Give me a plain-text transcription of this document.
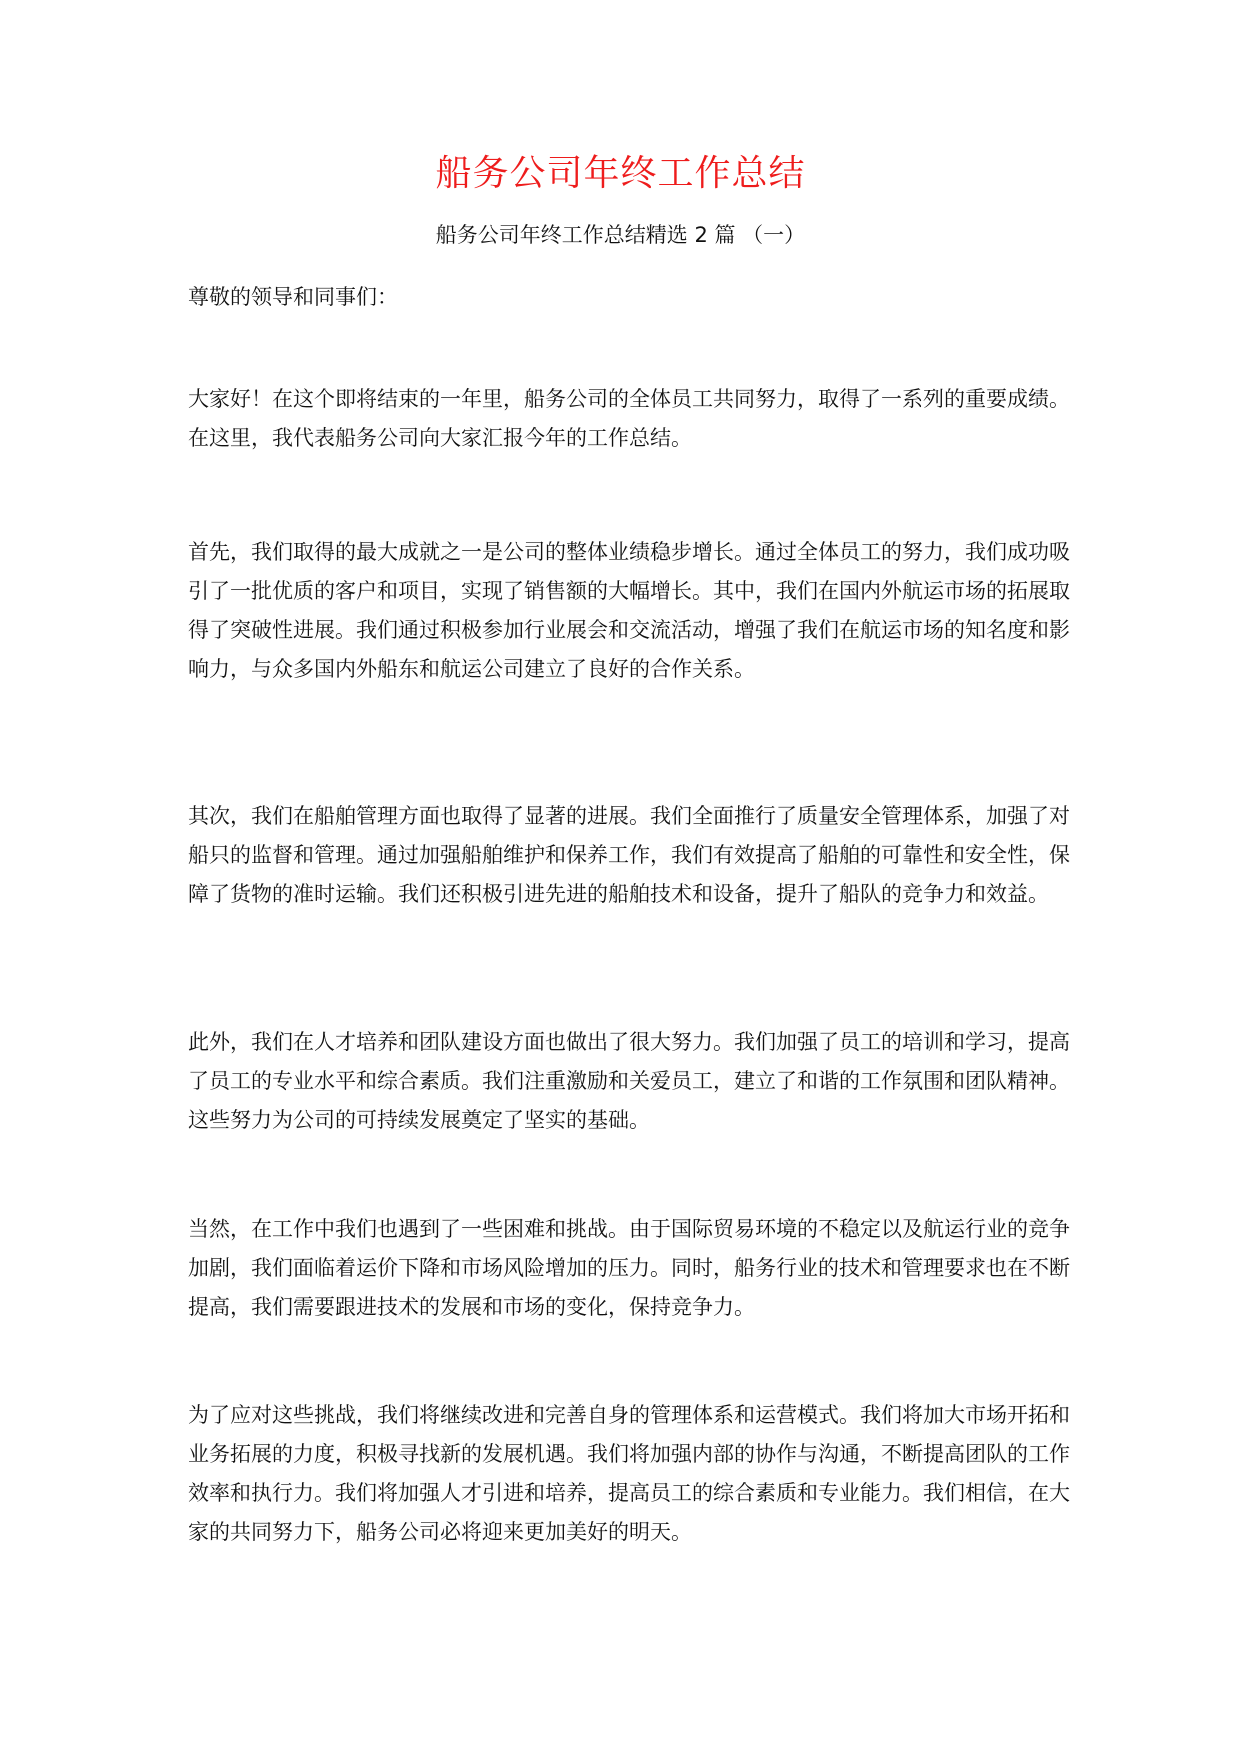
船务公司年终工作总结
船务公司年终工作总结精选 2 篇 （一）

尊敬的领导和同事们：

大家好！在这个即将结束的一年里，船务公司的全体员工共同努力，取得了一系列的重要成绩。在这里，我代表船务公司向大家汇报今年的工作总结。

首先，我们取得的最大成就之一是公司的整体业绩稳步增长。通过全体员工的努力，我们成功吸引了一批优质的客户和项目，实现了销售额的大幅增长。其中，我们在国内外航运市场的拓展取得了突破性进展。我们通过积极参加行业展会和交流活动，增强了我们在航运市场的知名度和影响力，与众多国内外船东和航运公司建立了良好的合作关系。

其次，我们在船舶管理方面也取得了显著的进展。我们全面推行了质量安全管理体系，加强了对船只的监督和管理。通过加强船舶维护和保养工作，我们有效提高了船舶的可靠性和安全性，保障了货物的准时运输。我们还积极引进先进的船舶技术和设备，提升了船队的竞争力和效益。

此外，我们在人才培养和团队建设方面也做出了很大努力。我们加强了员工的培训和学习，提高了员工的专业水平和综合素质。我们注重激励和关爱员工，建立了和谐的工作氛围和团队精神。这些努力为公司的可持续发展奠定了坚实的基础。

当然，在工作中我们也遇到了一些困难和挑战。由于国际贸易环境的不稳定以及航运行业的竞争加剧，我们面临着运价下降和市场风险增加的压力。同时，船务行业的技术和管理要求也在不断提高，我们需要跟进技术的发展和市场的变化，保持竞争力。

为了应对这些挑战，我们将继续改进和完善自身的管理体系和运营模式。我们将加大市场开拓和业务拓展的力度，积极寻找新的发展机遇。我们将加强内部的协作与沟通，不断提高团队的工作效率和执行力。我们将加强人才引进和培养，提高员工的综合素质和专业能力。我们相信，在大家的共同努力下，船务公司必将迎来更加美好的明天。
